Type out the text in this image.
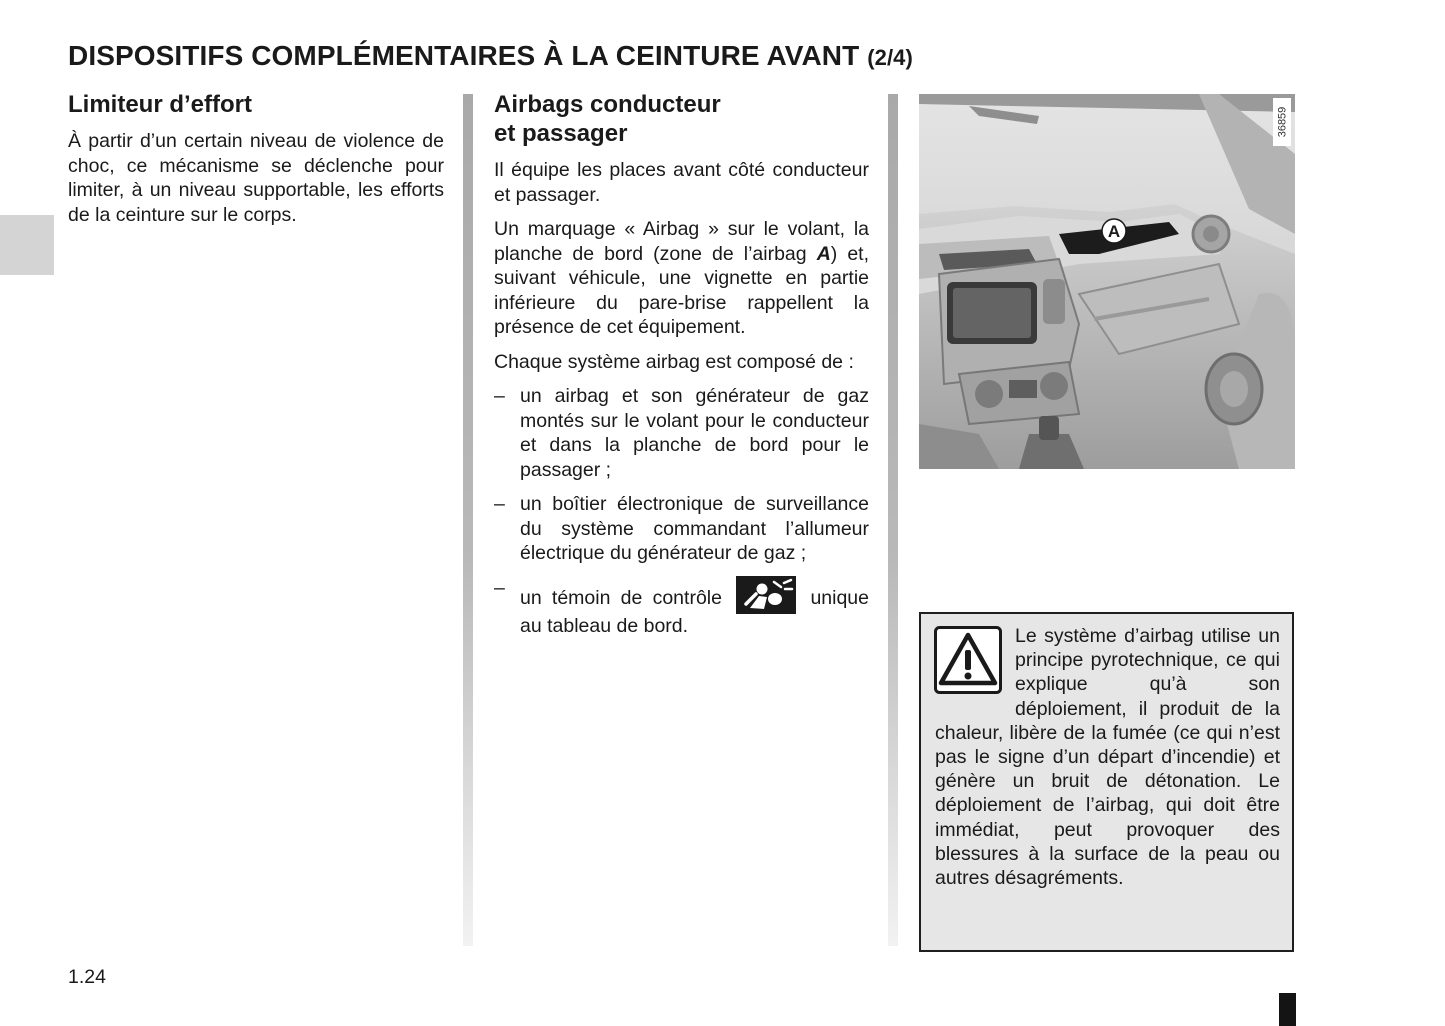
DISPOSITIFS COMPLÉMENTAIRES À LA CEINTURE AVANT (2/4)
Limiteur d’effort

À partir d’un certain niveau de violence de choc, ce mécanisme se déclenche pour limiter, à un niveau supportable, les efforts de la ceinture sur le corps.

Airbags conducteur
et passager

Il équipe les places avant côté conducteur et passager.

Un marquage « Airbag » sur le volant, la planche de bord (zone de l’airbag A) et, suivant véhicule, une vignette en partie inférieure du pare-brise rappellent la présence de cet équipement.

Chaque système airbag est composé de :

– un airbag et son générateur de gaz montés sur le volant pour le conducteur et dans la planche de bord pour le passager ;
– un boîtier électronique de surveillance du système commandant l’allumeur électrique du générateur de gaz ;
– un témoin de contrôle	unique au tableau de bord.
36859
A
Le système d’airbag utilise un principe pyrotechnique, ce qui explique qu’à son déploiement, il produit de la chaleur, libère de la fumée (ce qui n’est pas le signe d’un départ d’incendie) et génère un bruit de détonation. Le déploiement de l’airbag, qui doit être immédiat, peut provoquer des blessures à la surface de la peau ou autres désagréments.
1.24
